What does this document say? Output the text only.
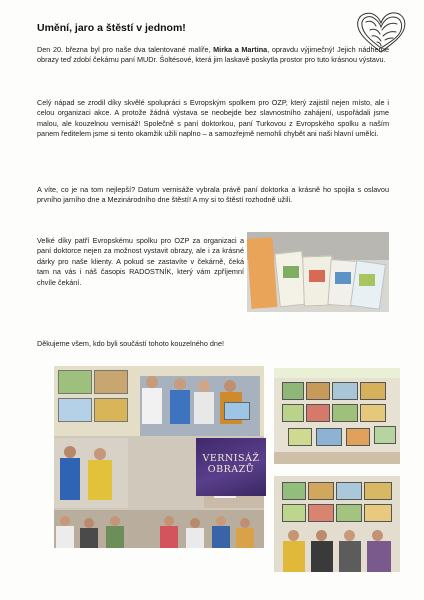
Umění, jaro a štěstí v jednom!

Den 20. března byl pro naše dva talentované malíře, Mirka a Martina, opravdu výjimečný! Jejich nádherné obrazy teď zdobí čekárnu paní MUDr. Šoltésové, která jim laskavě poskytla prostor pro tuto krásnou výstavu.

Celý nápad se zrodil díky skvělé spolupráci s Evropským spolkem pro OZP, který zajistil nejen místo, ale i celou organizaci akce. A protože žádná výstava se neobejde bez slavnostního zahájení, uspořádali jsme malou, ale kouzelnou vernisáž! Společně s paní doktorkou, paní Turkovou z Evropského spolku a naším panem ředitelem jsme si tento okamžik užili naplno – a samozřejmě nemohli chybět ani naši hlavní umělci.

A víte, co je na tom nejlepší? Datum vernisáže vybrala právě paní doktorka a krásně ho spojila s oslavou prvního jarního dne a Mezinárodního dne štěstí! A my si to štěstí rozhodně užili.

Velké díky patří Evropskému spolku pro OZP za organizaci a paní doktorce nejen za možnost vystavit obrazy, ale i za krásné dárky pro naše klienty. A pokud se zastavíte v čekárně, čeká tam na vás i náš časopis RADOSTNÍK, který vám zpříjemní chvíle čekání.

Děkujeme všem, kdo byli součástí tohoto kouzelného dne!

VERNISÁŽ
OBRAZŮ
